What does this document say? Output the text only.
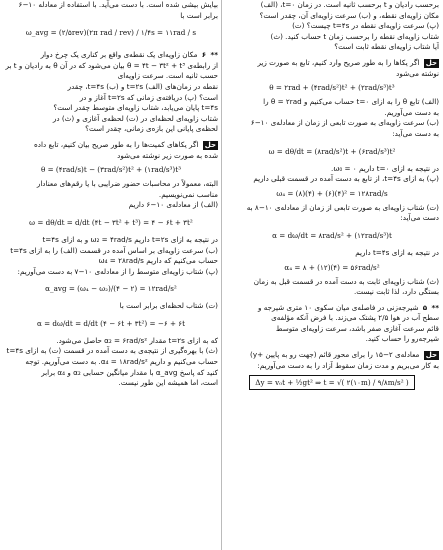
برحسب رادیان و t برحسب ثانیه است. در زمان t=۰، (الف)
مکان زاویه‌ای نقطه، و (ب) سرعت زاویه‌ای آن، چقدر است؟
(پ) سرعت زاویه‌ای نقطه در t=۴s چیست؟ (ت)
شتاب زاویه‌ای نقطه را برحسب زمان t حساب کنید. (ث)
آیا شتاب زاویه‌ای نقطه ثابت است؟
حل اگر یکاها را به طور صریح وارد کنیم، تابع به صورت زیر
نوشته می‌شود
θ = ۲rad + (۴rad/s²)t² + (۲rad/s³)t³
(الف) تابع θ را به ازای t=۰ حساب می‌کنیم و θ = ۲rad را
به دست می‌آوریم.
(ب) سرعت زاویه‌ای به صورت تابعی از زمان از معادله‌ی ۱۰−۶
به دست می‌آید:
ω = dθ/dt = (۸rad/s²)t + (۶rad/s³)t²
در نتیجه به ازای t=۰ داریم ω₀ = ۰.
(پ) به ازای t=۴s، از تابع به دست آمده در قسمت قبلی داریم
ω₄ = (۸)(۴) + (۶)(۴)² = ۱۲۸rad/s
(ت) شتاب زاویه‌ای به صورت تابعی از زمان از معادله‌ی ۱۰−۸ به
دست می‌آید:
α = dω/dt = ۸rad/s² + (۱۲rad/s³)t
در نتیجه به ازای t=۴s داریم
α₄ = ۸ + (۱۲)(۴) = ۵۶rad/s²
(ث) شتاب زاویه‌ای ثابت به دست آمده در قسمت قبل به زمان
بستگی دارد، لذا ثابت نیست.
** ۵ شیرجه‌زنی در فاصله‌ی میان سکوی ۱۰ متری شیرجه و
سطح آب در هوا ۲/۵ پشتک می‌زند. با فرض آنکه مؤلفه‌ی
قائم سرعت آغازی صفر باشد، سرعت زاویه‌ای متوسط
شیرجه‌رو را حساب کنید.
حل معادله‌ی ۲−۱۵ را برای محور قائم (جهت رو به پایین +y)
به کار می‌بریم و مدت زمان سقوط آزاد را به دست می‌آوریم:
Δy = v₀t + ½gt² ⇒ t = √( ۲(۱۰m) / ۹/۸m/s² )
بیایش بیشی شده است. با دست می‌آید. با استفاده از معادله ۱۰−۶
برابر است با
ω_avg = (۲/۵rev)(۲π rad / rev) / ۱/۴s = ۱۱rad / s
** ۶ مکان زاویه‌ای یک نقطه‌ی واقع بر کناری یک چرخ دوار
از رابطه‌ی θ = ۴t − ۳t² + t³ بیان می‌شود که در آن θ به رادیان و t بر
حسب ثانیه است. سرعت زاویه‌ای
نقطه در زمان‌های (الف) t=۲s و (ب) t=۴s، چقدر
است؟ (پ) دریافته‌ی زمانی که t=۲s آغاز و در
t=۴s پایان می‌یابد، شتاب زاویه‌ای متوسط چقدر است؟
شتاب زاویه‌ای لحظه‌ای در (ت) لحظه‌ی آغازی و (ث) در
لحظه‌ی پایانی این بازه‌ی زمانی، چقدر است؟
حل اگر یکاهای کمیت‌ها را به طور صریح بیان کنیم، تابع داده
شده به صورت زیر نوشته می‌شود
θ = (۴rad/s)t − (۳rad/s²)t² + (۱rad/s³)t³
البته، معمولاً در محاسبات حضور ضرایبی با یا رقم‌های معنادار
مناسب نمی‌نویسیم.
(الف) از معادله‌ی ۱۰−۶ داریم
ω = dθ/dt = d/dt (۴t − ۳t² + t³) = ۴ − ۶t + ۳t²
در نتیجه به ازای t=۲s داریم ω₂ = ۴rad/s و به ازای t=۴s
(ب) سرعت زاویه‌ای بر اساس آمده در قسمت (الف) را به ازای t=۴s
حساب می‌کنیم که داریم ω₄ = ۲۸rad/s
(پ) شتاب زاویه‌ای متوسط را از معادله‌ی ۱۰−۷ به دست می‌آوریم:
α_avg = (ω₄ − ω₂)/(۴ − ۲) = ۱۲rad/s²
(ت) شتاب لحظه‌ای برابر است با
α = dω/dt = d/dt (۴ − ۶t + ۳t²) = −۶ + ۶t
که به ازای t=۲s مقدار α₂ = ۶rad/s² حاصل می‌شود.
(ث) با بهره‌گیری از نتیجه‌ی به دست آمده در قسمت (ت) به ازای t=۴s
حساب می‌کنیم و داریم α₄ = ۱۸rad/s². به دست می‌آوریم. توجه
کنید که پاسخ α_avg با مقدار میانگین حسابی α₂ و α₄ برابر
است، اما همیشه این طور نیست.
